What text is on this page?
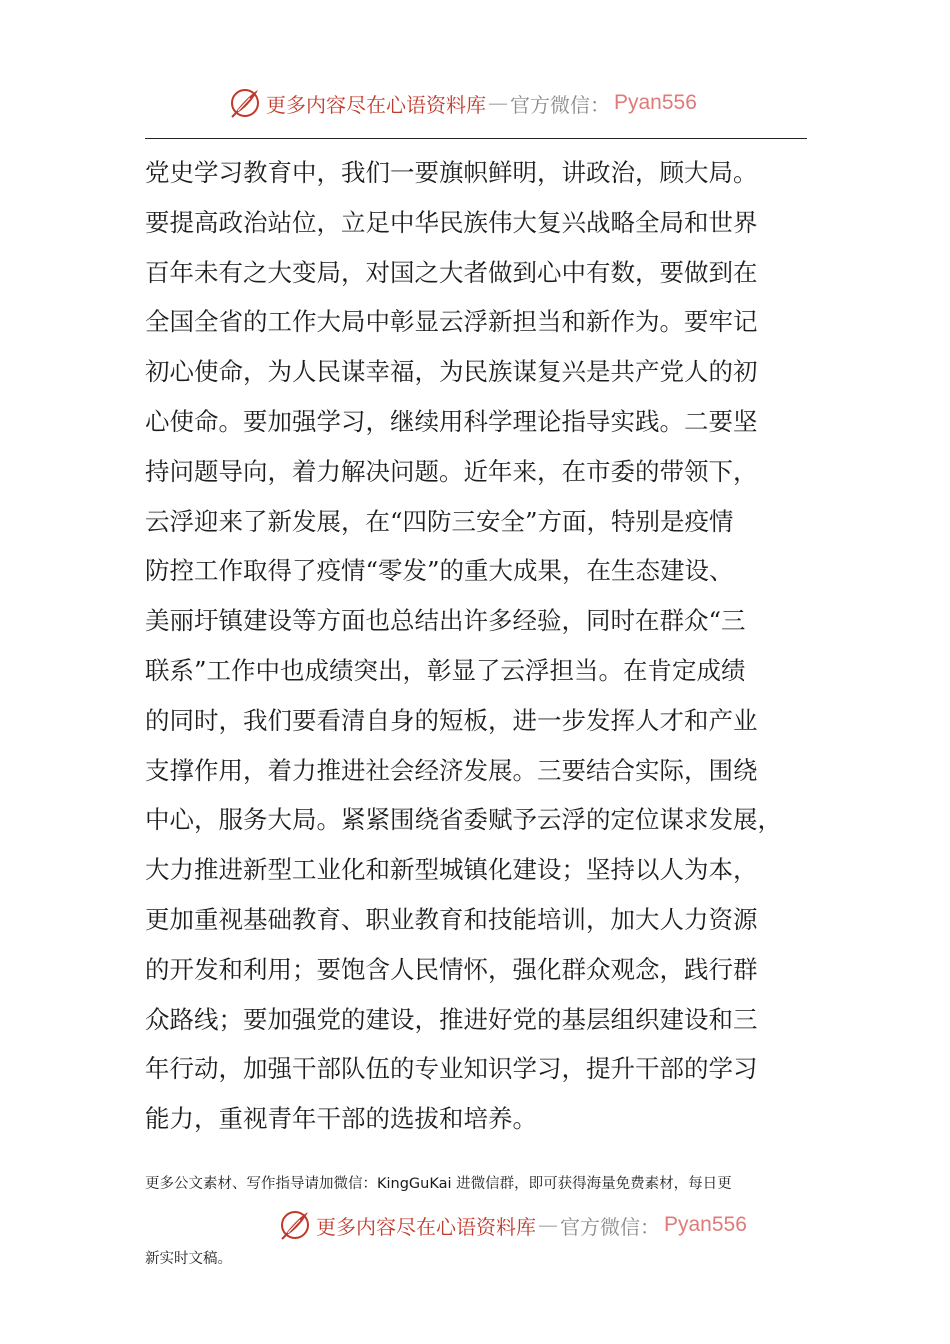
更多内容尽在心语资料库 — 官方微信 ： Pyan556
党史学习教育中，我们一要旗帜鲜明，讲政治，顾大局。
要提高政治站位，立足中华民族伟大复兴战略全局和世界
百年未有之大变局，对国之大者做到心中有数，要做到在
全国全省的工作大局中彰显云浮新担当和新作为。要牢记
初心使命，为人民谋幸福，为民族谋复兴是共产党人的初
心使命。要加强学习，继续用科学理论指导实践。二要坚
持问题导向，着力解决问题。近年来，在市委的带领下，
云浮迎来了新发展，在“四防三安全”方面，特别是疫情
防控工作取得了疫情“零发”的重大成果，在生态建设、
美丽圩镇建设等方面也总结出许多经验，同时在群众“三
联系”工作中也成绩突出，彰显了云浮担当。在肯定成绩
的同时，我们要看清自身的短板，进一步发挥人才和产业
支撑作用，着力推进社会经济发展。三要结合实际，围绕
中心，服务大局。紧紧围绕省委赋予云浮的定位谋求发展，
大力推进新型工业化和新型城镇化建设；坚持以人为本，
更加重视基础教育、职业教育和技能培训，加大人力资源
的开发和利用；要饱含人民情怀，强化群众观念，践行群
众路线；要加强党的建设，推进好党的基层组织建设和三
年行动，加强干部队伍的专业知识学习，提升干部的学习
能力，重视青年干部的选拔和培养。
更多公文素材、写作指导请加微信：KingGuKai 进微信群，即可获得海量免费素材，每日更
更多内容尽在心语资料库 — 官方微信 ： Pyan556
新实时文稿。
